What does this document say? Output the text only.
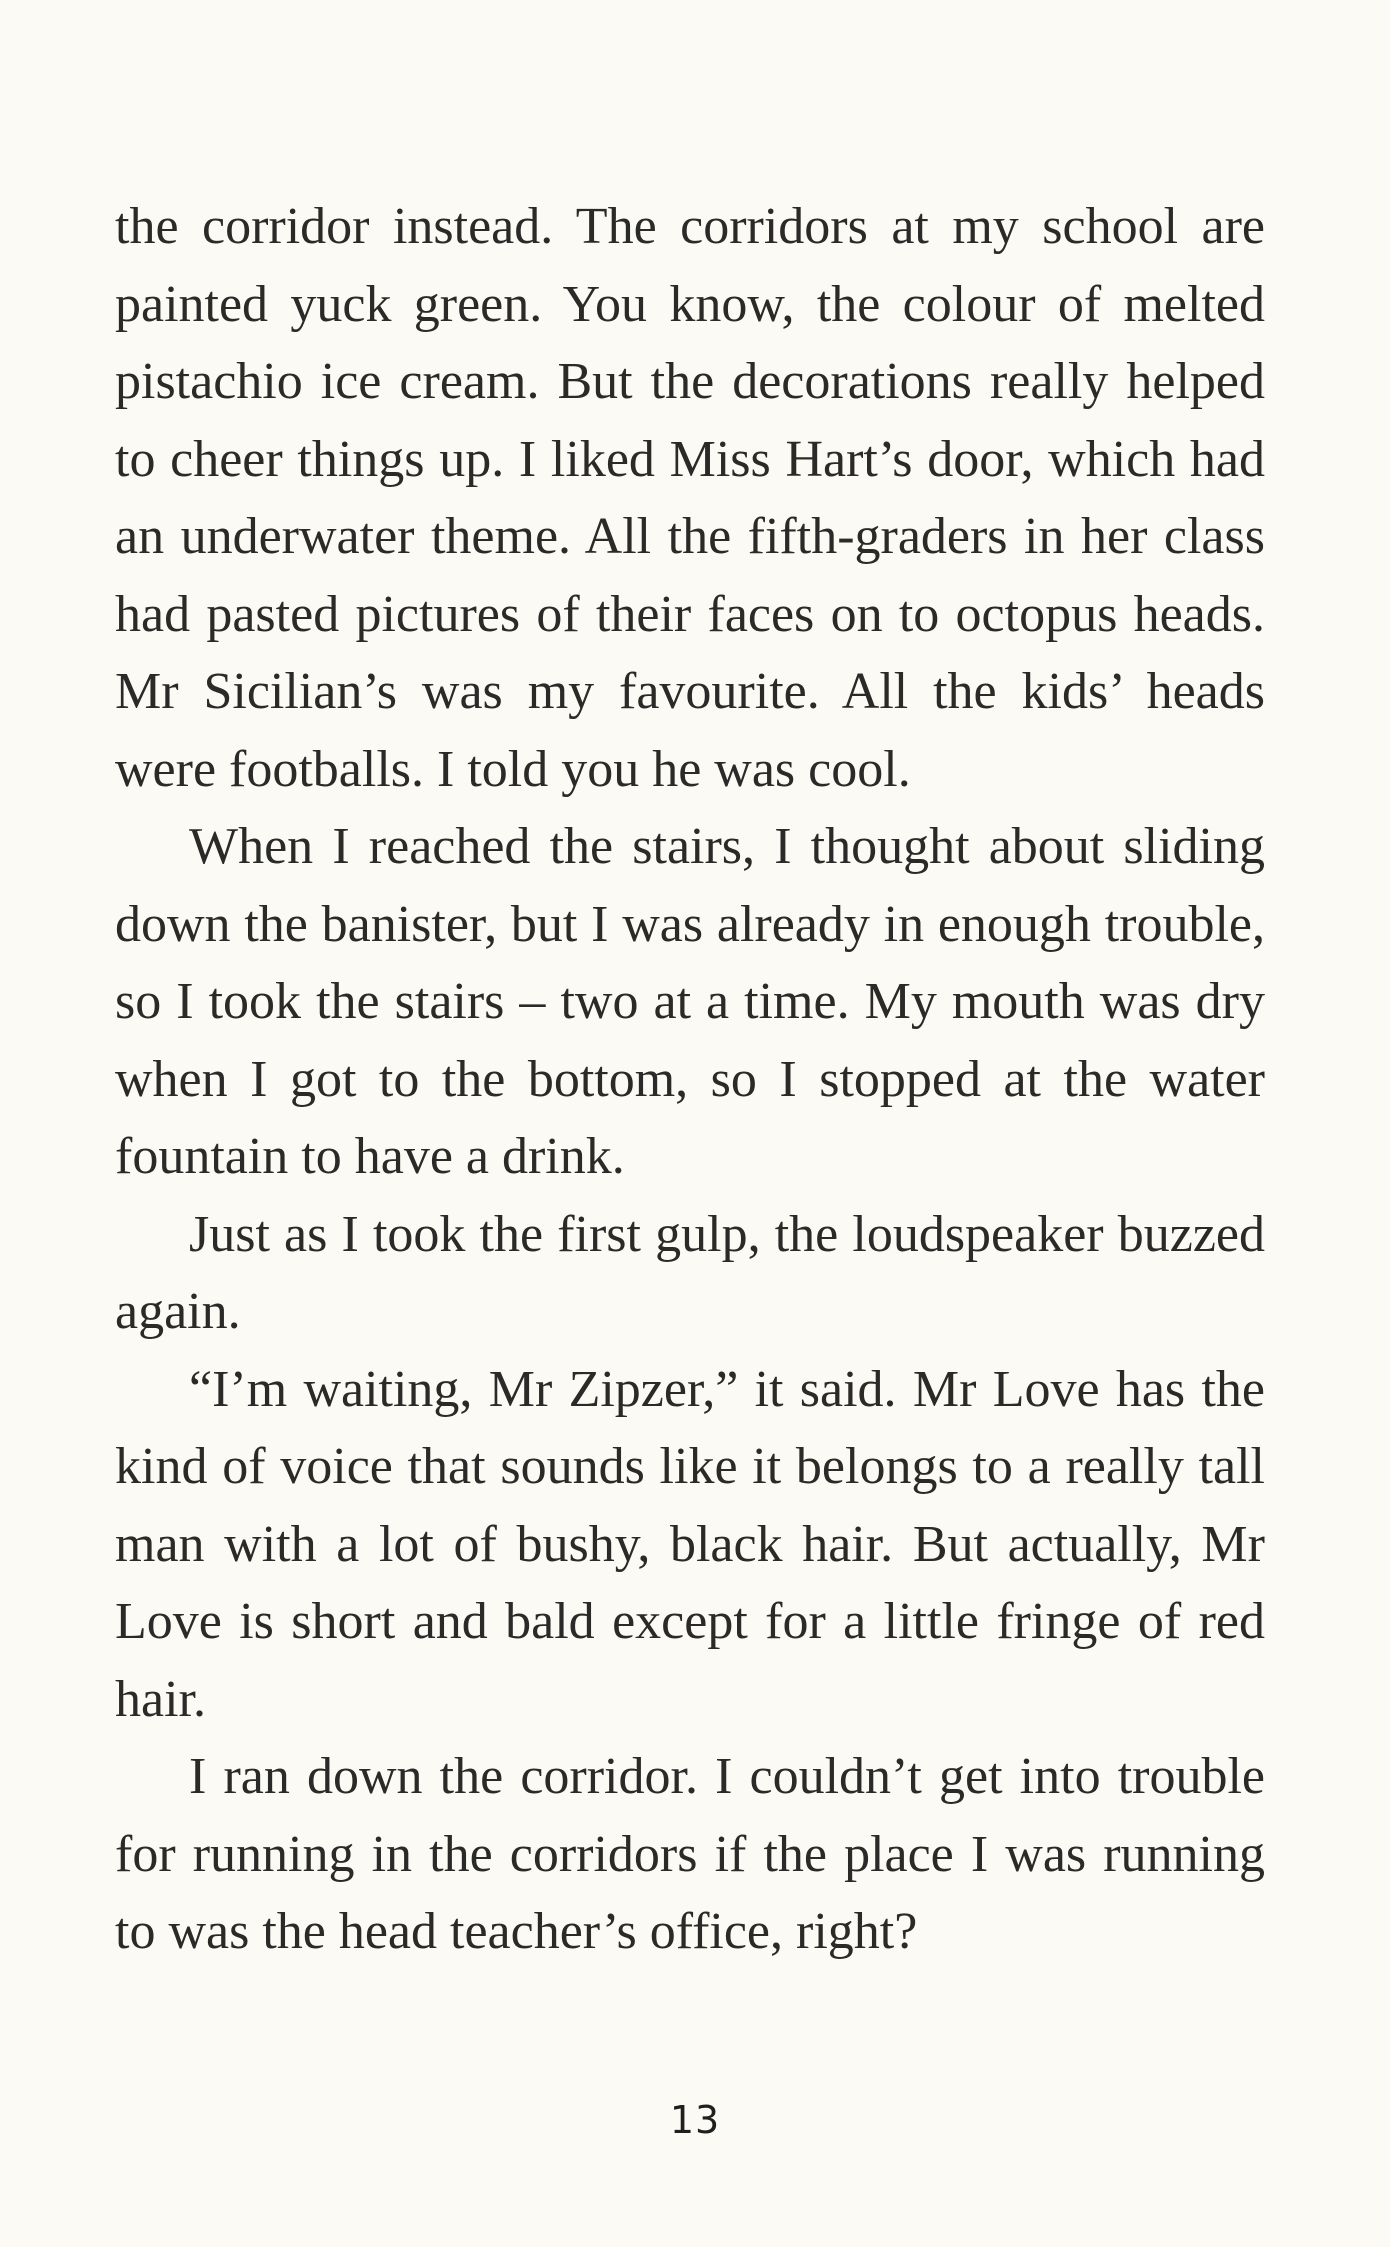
the corridor instead. The corridors at my school are painted yuck green. You know, the colour of melted pistachio ice cream. But the decorations really helped to cheer things up. I liked Miss Hart’s door, which had an underwater theme. All the fifth-graders in her class had pasted pictures of their faces on to octopus heads. Mr Sicilian’s was my favourite. All the kids’ heads were footballs. I told you he was cool.

When I reached the stairs, I thought about sliding down the banister, but I was already in enough trouble, so I took the stairs – two at a time. My mouth was dry when I got to the bottom, so I stopped at the water fountain to have a drink.

Just as I took the first gulp, the loudspeaker buzzed again.

“I’m waiting, Mr Zipzer,” it said. Mr Love has the kind of voice that sounds like it belongs to a really tall man with a lot of bushy, black hair. But actually, Mr Love is short and bald except for a little fringe of red hair.

I ran down the corridor. I couldn’t get into trouble for running in the corridors if the place I was running to was the head teacher’s office, right?

13
